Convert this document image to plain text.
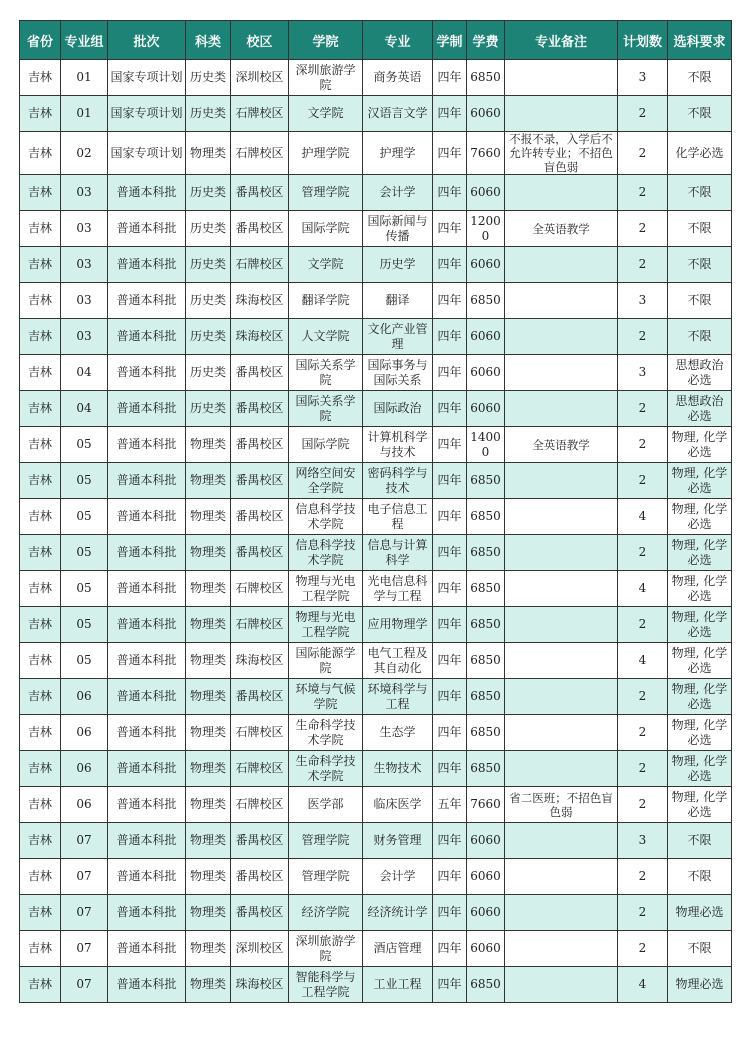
省份	专业组	批次	科类	校区	学院	专业	学制	学费	专业备注	计划数	选科要求
吉林	01	国家专项计划	历史类	深圳校区	深圳旅游学院	商务英语	四年	6850		3	不限
吉林	01	国家专项计划	历史类	石牌校区	文学院	汉语言文学	四年	6060		2	不限
吉林	02	国家专项计划	物理类	石牌校区	护理学院	护理学	四年	7660	不报不录，入学后不允许转专业；不招色盲色弱	2	化学必选
吉林	03	普通本科批	历史类	番禺校区	管理学院	会计学	四年	6060		2	不限
吉林	03	普通本科批	历史类	番禺校区	国际学院	国际新闻与传播	四年	12000	全英语教学	2	不限
吉林	03	普通本科批	历史类	石牌校区	文学院	历史学	四年	6060		2	不限
吉林	03	普通本科批	历史类	珠海校区	翻译学院	翻译	四年	6850		3	不限
吉林	03	普通本科批	历史类	珠海校区	人文学院	文化产业管理	四年	6060		2	不限
吉林	04	普通本科批	历史类	番禺校区	国际关系学院	国际事务与国际关系	四年	6060		3	思想政治必选
吉林	04	普通本科批	历史类	番禺校区	国际关系学院	国际政治	四年	6060		2	思想政治必选
吉林	05	普通本科批	物理类	番禺校区	国际学院	计算机科学与技术	四年	14000	全英语教学	2	物理, 化学必选
吉林	05	普通本科批	物理类	番禺校区	网络空间安全学院	密码科学与技术	四年	6850		2	物理, 化学必选
吉林	05	普通本科批	物理类	番禺校区	信息科学技术学院	电子信息工程	四年	6850		4	物理, 化学必选
吉林	05	普通本科批	物理类	番禺校区	信息科学技术学院	信息与计算科学	四年	6850		2	物理, 化学必选
吉林	05	普通本科批	物理类	石牌校区	物理与光电工程学院	光电信息科学与工程	四年	6850		4	物理, 化学必选
吉林	05	普通本科批	物理类	石牌校区	物理与光电工程学院	应用物理学	四年	6850		2	物理, 化学必选
吉林	05	普通本科批	物理类	珠海校区	国际能源学院	电气工程及其自动化	四年	6850		4	物理, 化学必选
吉林	06	普通本科批	物理类	番禺校区	环境与气候学院	环境科学与工程	四年	6850		2	物理, 化学必选
吉林	06	普通本科批	物理类	石牌校区	生命科学技术学院	生态学	四年	6850		2	物理, 化学必选
吉林	06	普通本科批	物理类	石牌校区	生命科学技术学院	生物技术	四年	6850		2	物理, 化学必选
吉林	06	普通本科批	物理类	石牌校区	医学部	临床医学	五年	7660	省二医班；不招色盲色弱	2	物理, 化学必选
吉林	07	普通本科批	物理类	番禺校区	管理学院	财务管理	四年	6060		3	不限
吉林	07	普通本科批	物理类	番禺校区	管理学院	会计学	四年	6060		2	不限
吉林	07	普通本科批	物理类	番禺校区	经济学院	经济统计学	四年	6060		2	物理必选
吉林	07	普通本科批	物理类	深圳校区	深圳旅游学院	酒店管理	四年	6060		2	不限
吉林	07	普通本科批	物理类	珠海校区	智能科学与工程学院	工业工程	四年	6850		4	物理必选
